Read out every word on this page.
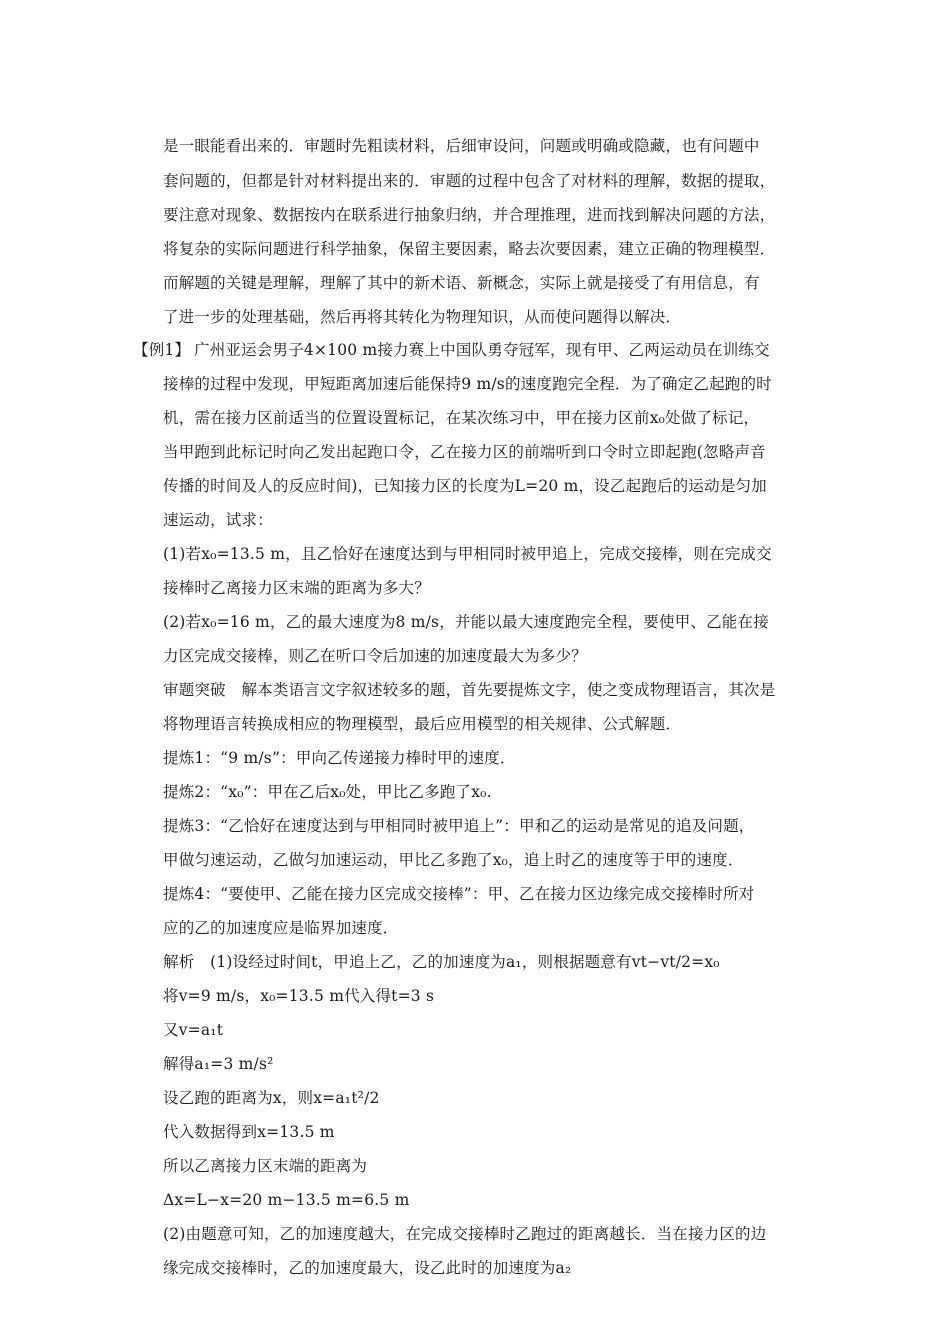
是一眼能看出来的．审题时先粗读材料，后细审设问，问题或明确或隐藏，也有问题中
套问题的，但都是针对材料提出来的．审题的过程中包含了对材料的理解，数据的提取，
要注意对现象、数据按内在联系进行抽象归纳，并合理推理，进而找到解决问题的方法，
将复杂的实际问题进行科学抽象，保留主要因素，略去次要因素，建立正确的物理模型．
而解题的关键是理解，理解了其中的新术语、新概念，实际上就是接受了有用信息，有
了进一步的处理基础，然后再将其转化为物理知识，从而使问题得以解决．
【例1】 广州亚运会男子4×100 m接力赛上中国队勇夺冠军，现有甲、乙两运动员在训练交
接棒的过程中发现，甲短距离加速后能保持9 m/s的速度跑完全程．为了确定乙起跑的时
机，需在接力区前适当的位置设置标记，在某次练习中，甲在接力区前x₀处做了标记，
当甲跑到此标记时向乙发出起跑口令，乙在接力区的前端听到口令时立即起跑(忽略声音
传播的时间及人的反应时间)，已知接力区的长度为L=20 m，设乙起跑后的运动是匀加
速运动，试求：
(1)若x₀=13.5 m，且乙恰好在速度达到与甲相同时被甲追上，完成交接棒，则在完成交
接棒时乙离接力区末端的距离为多大？
(2)若x₀=16 m，乙的最大速度为8 m/s，并能以最大速度跑完全程，要使甲、乙能在接
力区完成交接棒，则乙在听口令后加速的加速度最大为多少？
审题突破　解本类语言文字叙述较多的题，首先要提炼文字，使之变成物理语言，其次是
将物理语言转换成相应的物理模型，最后应用模型的相关规律、公式解题．
提炼1：“9 m/s”：甲向乙传递接力棒时甲的速度．
提炼2：“x₀”：甲在乙后x₀处，甲比乙多跑了x₀.
提炼3：“乙恰好在速度达到与甲相同时被甲追上”：甲和乙的运动是常见的追及问题，
甲做匀速运动，乙做匀加速运动，甲比乙多跑了x₀，追上时乙的速度等于甲的速度．
提炼4：“要使甲、乙能在接力区完成交接棒”：甲、乙在接力区边缘完成交接棒时所对
应的乙的加速度应是临界加速度．
解析　(1)设经过时间t，甲追上乙，乙的加速度为a₁，则根据题意有vt−vt/2=x₀
将v=9 m/s，x₀=13.5 m代入得t=3 s
又v=a₁t
解得a₁=3 m/s²
设乙跑的距离为x，则x=a₁t²/2
代入数据得到x=13.5 m
所以乙离接力区末端的距离为
Δx=L−x=20 m−13.5 m=6.5 m
(2)由题意可知，乙的加速度越大，在完成交接棒时乙跑过的距离越长．当在接力区的边
缘完成交接棒时，乙的加速度最大，设乙此时的加速度为a₂
